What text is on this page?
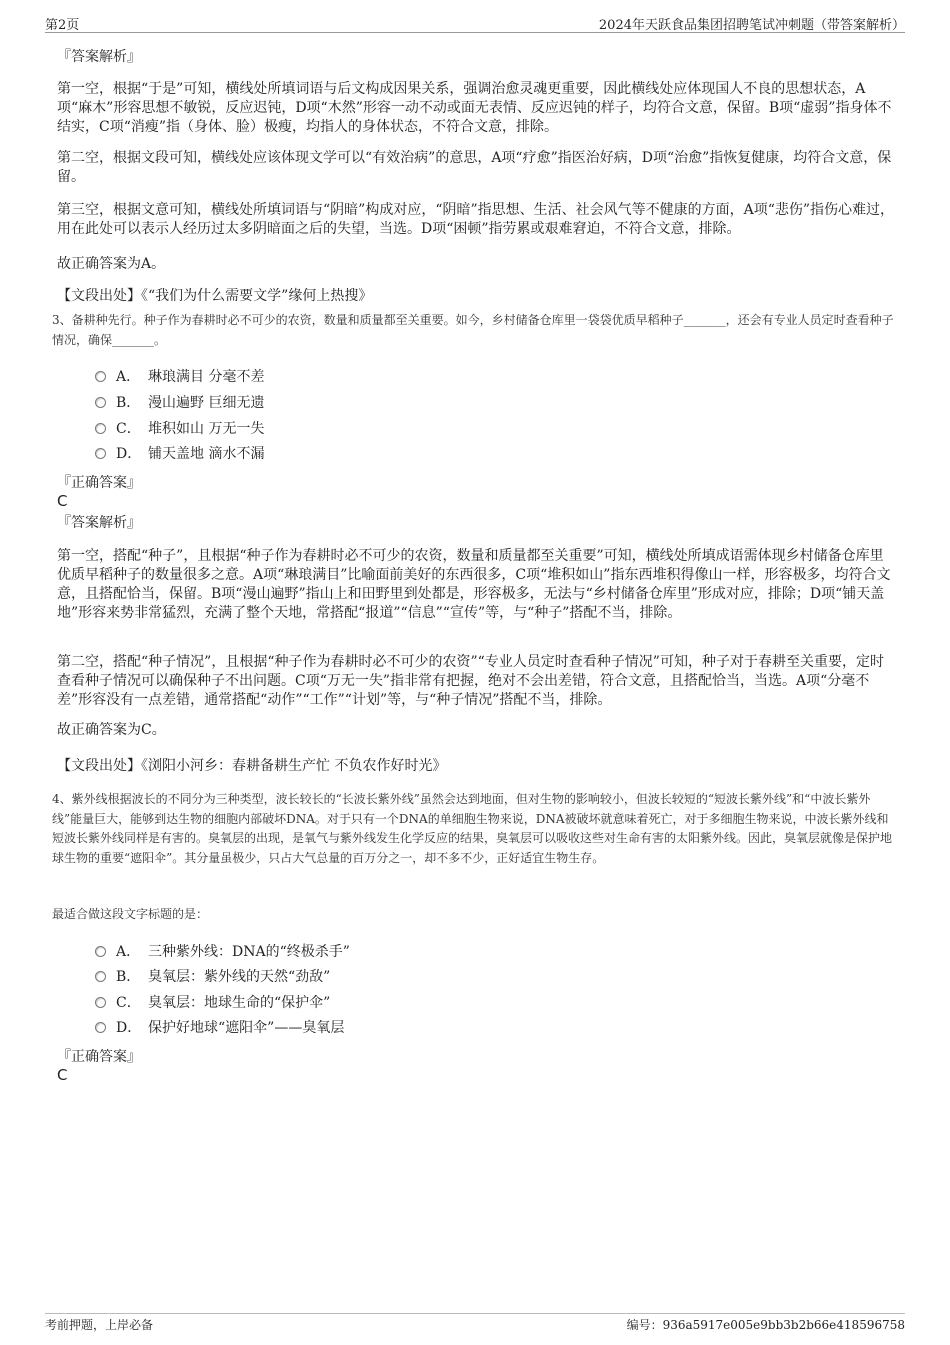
第2页	2024年天跃食品集团招聘笔试冲刺题（带答案解析）
『答案解析』
第一空，根据“于是”可知，横线处所填词语与后文构成因果关系，强调治愈灵魂更重要，因此横线处应体现国人不良的思想状态，A项“麻木”形容思想不敏锐，反应迟钝，D项“木然”形容一动不动或面无表情、反应迟钝的样子，均符合文意，保留。B项“虚弱”指身体不结实，C项“消瘦”指（身体、脸）极瘦，均指人的身体状态，不符合文意，排除。
第二空，根据文段可知，横线处应该体现文学可以“有效治病”的意思，A项“疗愈”指医治好病，D项“治愈”指恢复健康，均符合文意，保留。
第三空，根据文意可知，横线处所填词语与“阴暗”构成对应，“阴暗”指思想、生活、社会风气等不健康的方面，A项“悲伤”指伤心难过，用在此处可以表示人经历过太多阴暗面之后的失望，当选。D项“困顿”指劳累或艰难窘迫，不符合文意，排除。
故正确答案为A。
【文段出处】《“我们为什么需要文学”缘何上热搜》
3、备耕种先行。种子作为春耕时必不可少的农资，数量和质量都至关重要。如今，乡村储备仓库里一袋袋优质早稻种子_______，还会有专业人员定时查看种子情况，确保_______。
A． 琳琅满目 分毫不差
B． 漫山遍野 巨细无遗
C． 堆积如山 万无一失
D． 铺天盖地 滴水不漏
『正确答案』
C
『答案解析』
第一空，搭配“种子”，且根据“种子作为春耕时必不可少的农资，数量和质量都至关重要”可知，横线处所填成语需体现乡村储备仓库里优质早稻种子的数量很多之意。A项“琳琅满目”比喻面前美好的东西很多，C项“堆积如山”指东西堆积得像山一样，形容极多，均符合文意，且搭配恰当，保留。B项“漫山遍野”指山上和田野里到处都是，形容极多，无法与“乡村储备仓库里”形成对应，排除；D项“铺天盖地”形容来势非常猛烈，充满了整个天地，常搭配“报道”“信息”“宣传”等，与“种子”搭配不当，排除。
第二空，搭配“种子情况”，且根据“种子作为春耕时必不可少的农资”“专业人员定时查看种子情况”可知，种子对于春耕至关重要，定时查看种子情况可以确保种子不出问题。C项“万无一失”指非常有把握，绝对不会出差错，符合文意，且搭配恰当，当选。A项“分毫不差”形容没有一点差错，通常搭配“动作”“工作”“计划”等，与“种子情况”搭配不当，排除。
故正确答案为C。
【文段出处】《浏阳小河乡：春耕备耕生产忙 不负农作好时光》
4、紫外线根据波长的不同分为三种类型，波长较长的“长波长紫外线”虽然会达到地面，但对生物的影响较小，但波长较短的“短波长紫外线”和“中波长紫外线”能量巨大，能够到达生物的细胞内部破坏DNA。对于只有一个DNA的单细胞生物来说，DNA被破坏就意味着死亡，对于多细胞生物来说，中波长紫外线和短波长紫外线同样是有害的。臭氧层的出现，是氧气与紫外线发生化学反应的结果，臭氧层可以吸收这些对生命有害的太阳紫外线。因此，臭氧层就像是保护地球生物的重要“遮阳伞”。其分量虽极少，只占大气总量的百万分之一，却不多不少，正好适宜生物生存。
最适合做这段文字标题的是：
A． 三种紫外线：DNA的“终极杀手”
B． 臭氧层：紫外线的天然“劲敌”
C． 臭氧层：地球生命的“保护伞”
D． 保护好地球“遮阳伞”——臭氧层
『正确答案』
C
考前押题，上岸必备	编号：936a5917e005e9bb3b2b66e418596758
